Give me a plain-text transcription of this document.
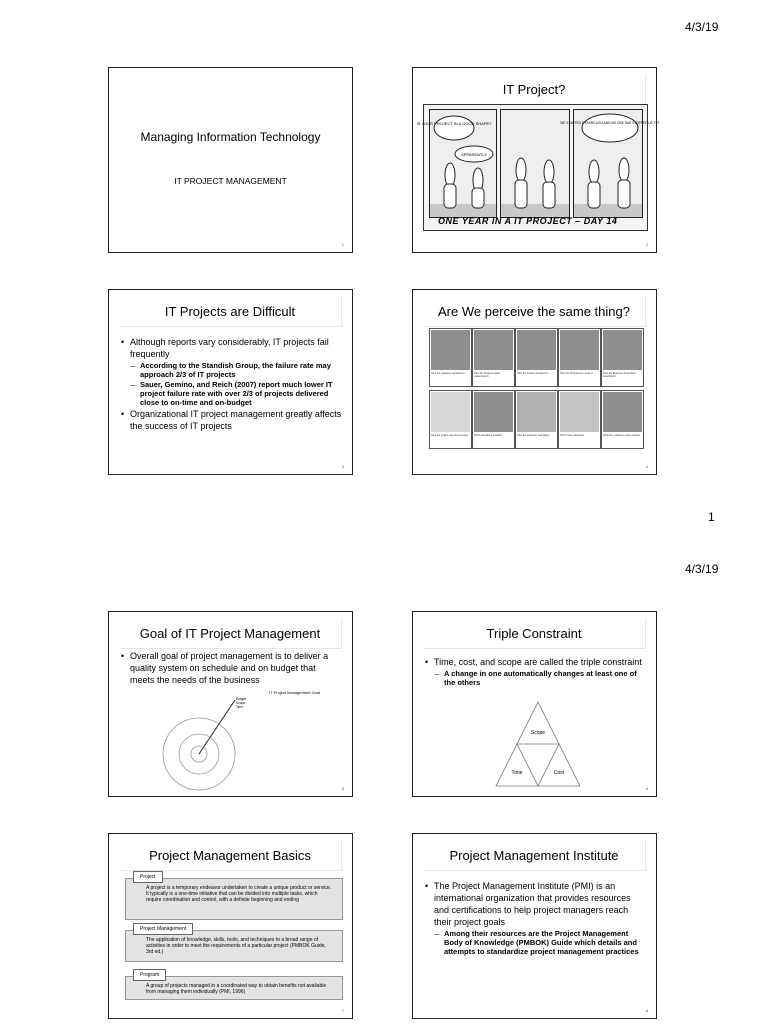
4/3/19
Managing Information Technology
IT PROJECT MANAGEMENT
1
IT Project?
IS YOUR PROJECT IN A GOOD SHAPE?
APPARENTLY
WE STARTED 5 YEARS AGO AND NO ONE HAS STOPPED US YET
ONE YEAR IN A IT PROJECT – DAY 14
2
IT Projects are Difficult
• Although reports vary considerably, IT projects fail frequently
– According to the Standish Group, the failure rate may approach 2/3 of IT projects
– Sauer, Gemino, and Reich (2007) report much lower IT project failure rate with over 2/3 of projects delivered close to on-time and on-budget
• Organizational IT project management greatly affects the success of IT projects
3
Are We perceive the same thing?
How the customer explained it	How the Project Leader understood it
How the Analyst designed it	How the Programmer wrote it	How the Business Consultant described it
How the project was documented	What operations installed	How the customer was billed	How it was supported	What the customer really needed
4
1
4/3/19
Goal of IT Project Management
• Overall goal of project management is to deliver a quality system on schedule and on budget that meets the needs of the business
IT Project Management Goal
Budget
Scope
Time
5
Triple Constraint
• Time, cost, and scope are called the triple constraint
– A change in one automatically changes at least one of the others
Scope
Time	Cost
6
Project Management Basics
A project is a temporary endeavor undertaken to create a unique product or service. It typically is a one-time initiative that can be divided into multiple tasks, which require coordination and control, with a definite beginning and ending
Project
The application of knowledge, skills, tools, and techniques to a broad range of activities in order to meet the requirements of a particular project (PMBOK Guide, 3rd ed.)
Project Management
A group of projects managed in a coordinated way to obtain benefits not available from managing them individually (PMI, 1996)
Program
7
Project Management Institute
• The Project Management Institute (PMI) is an international organization that provides resources and certifications to help project managers reach their project goals
– Among their resources are the Project Management Body of Knowledge (PMBOK) Guide which details and attempts to standardize project management practices
8
